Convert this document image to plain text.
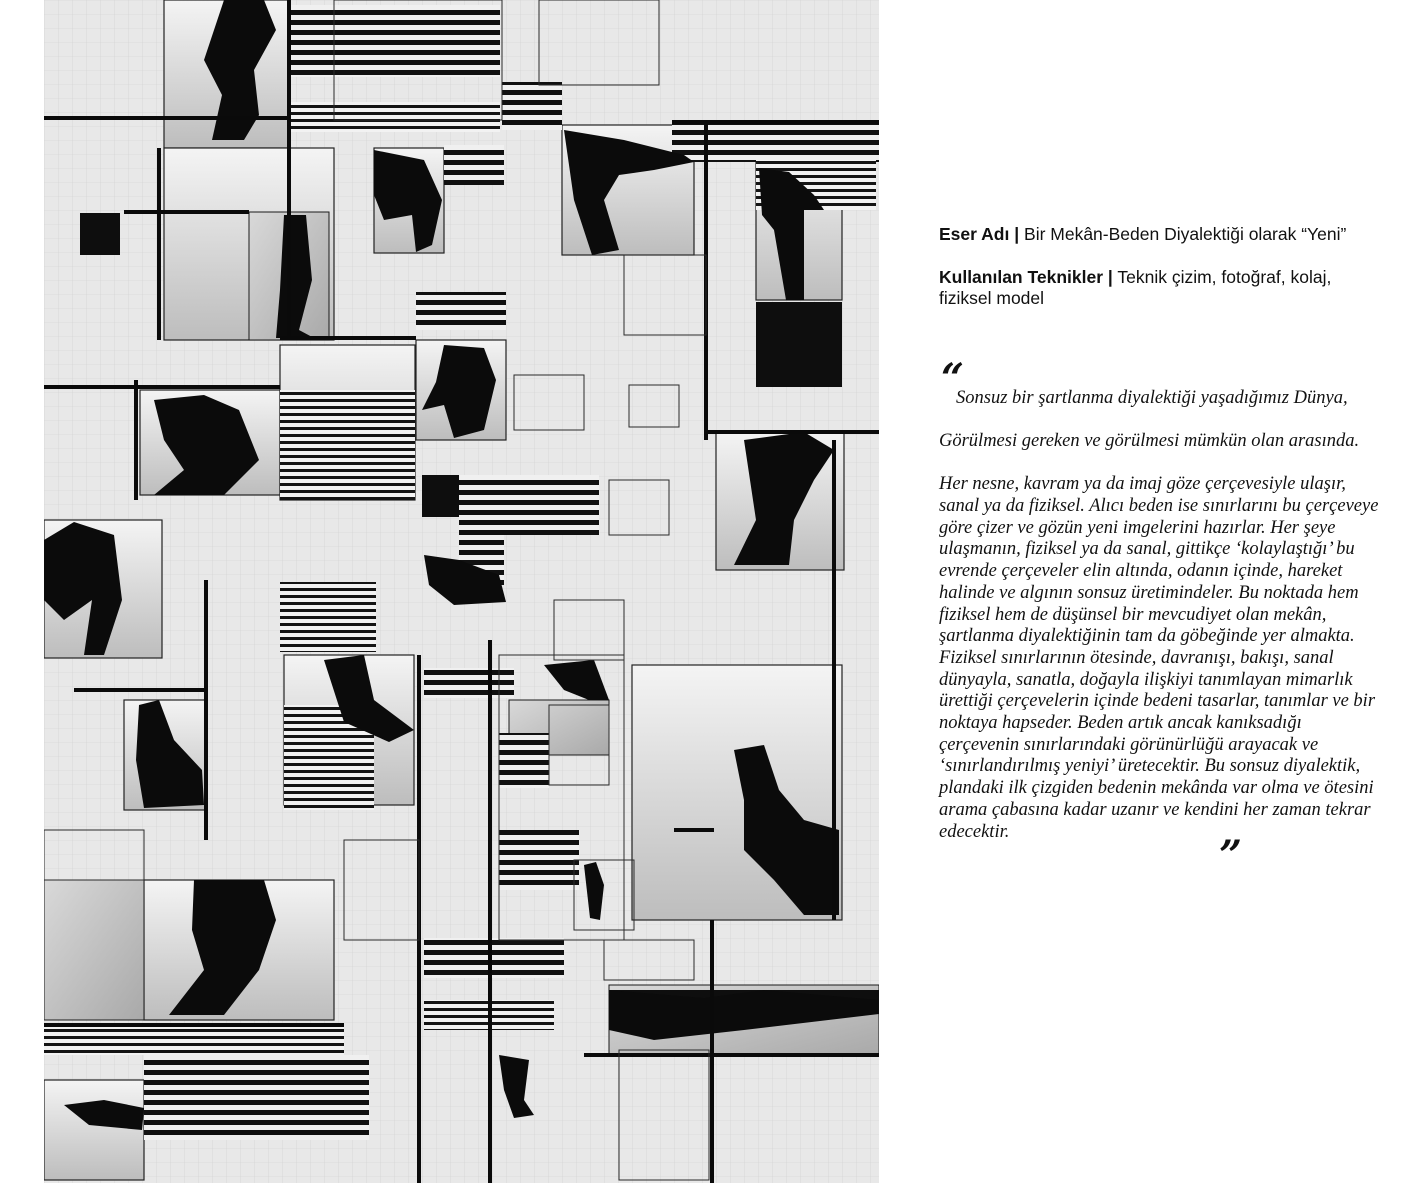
Eser Adı | Bir Mekân-Beden Diyalektiği olarak “Yeni”

Kullanılan Teknikler | Teknik çizim, fotoğraf, kolaj, fiziksel model

“

Sonsuz bir şartlanma diyalektiği yaşadığımız Dünya,

Görülmesi gereken ve görülmesi mümkün olan arasında.

Her nesne, kavram ya da imaj göze çerçevesiyle ulaşır, sanal ya da fiziksel. Alıcı beden ise sınırlarını bu çerçeveye göre çizer ve gözün yeni imgelerini hazırlar. Her şeye ulaşmanın, fiziksel ya da sanal, gittikçe ‘kolaylaştığı’ bu evrende çerçeveler elin altında, odanın içinde, hareket halinde ve algının sonsuz üretimindeler. Bu noktada hem fiziksel hem de düşünsel bir mevcudiyet olan mekân, şartlanma diyalektiğinin tam da göbeğinde yer almakta. Fiziksel sınırlarının ötesinde, davranışı, bakışı, sanal dünyayla, sanatla, doğayla ilişkiyi tanımlayan mimarlık ürettiği çerçevelerin içinde bedeni tasarlar, tanımlar ve bir noktaya hapseder. Beden artık ancak kanıksadığı çerçevenin sınırlarındaki görünürlüğü arayacak ve ‘sınırlandırılmış yeniyi’ üretecektir. Bu sonsuz diyalektik, plandaki ilk çizgiden bedenin mekânda var olma ve ötesini arama çabasına kadar uzanır ve kendini her zaman tekrar edecektir.

”
